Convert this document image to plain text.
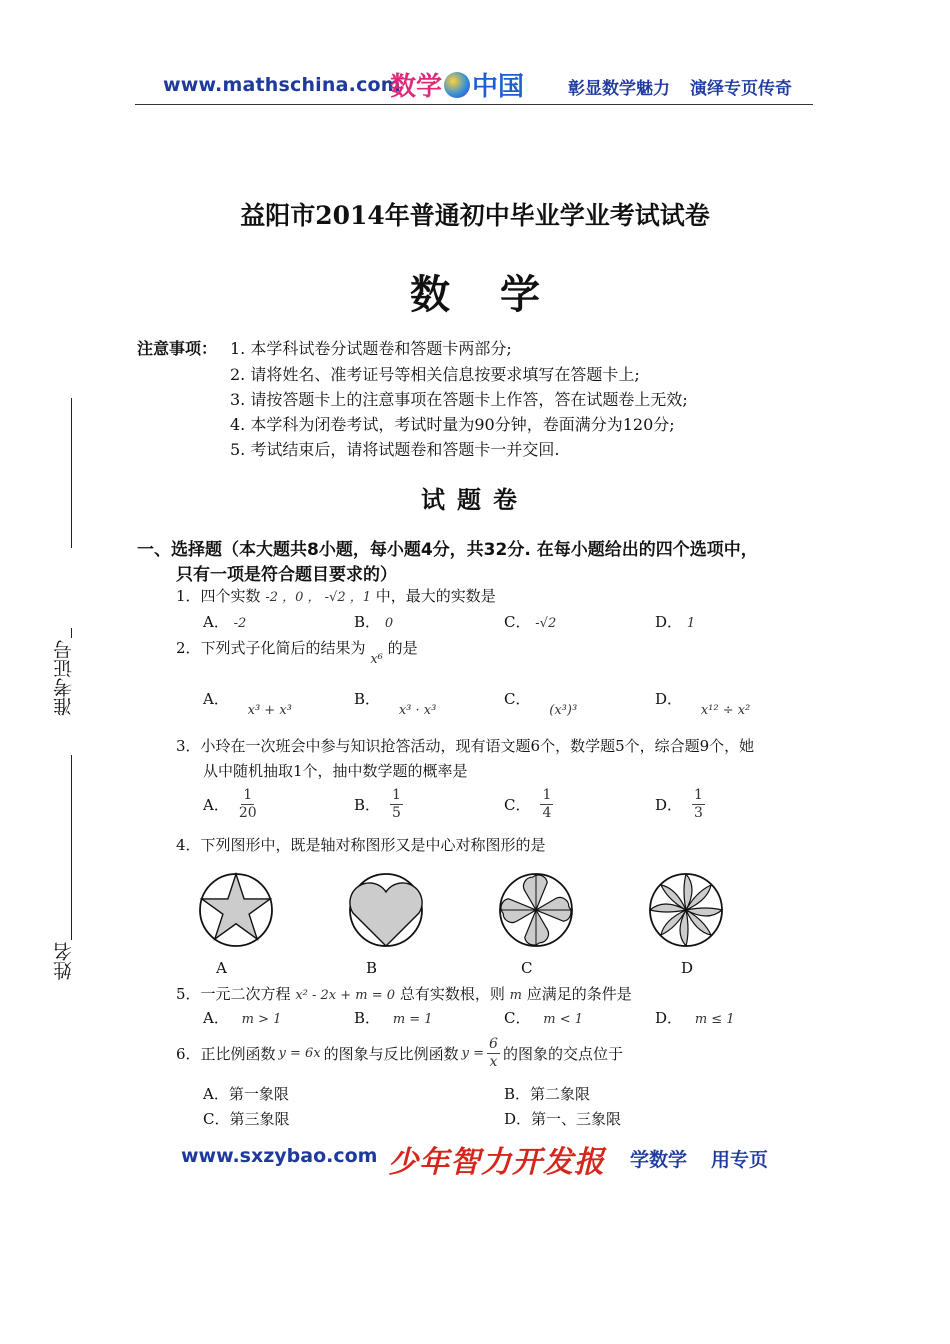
www.mathschina.com
数学 中国	彰显数学魅力 演绎专页传奇
准考证号
姓名
益阳市2014年普通初中毕业学业考试试卷
数学
注意事项： 1. 本学科试卷分试题卷和答题卡两部分;
2. 请将姓名、准考证号等相关信息按要求填写在答题卡上;
3. 请按答题卡上的注意事项在答题卡上作答，答在试题卷上无效;
4. 本学科为闭卷考试，考试时量为90分钟，卷面满分为120分;
5. 考试结束后，请将试题卷和答题卡一并交回.
试题卷
一、选择题（本大题共8小题，每小题4分，共32分. 在每小题给出的四个选项中，
只有一项是符合题目要求的）
1．四个实数 -2 ，0 ， -√2 ，1 中，最大的实数是
A． -2	B． 0	C． -√2	D． 1
2．下列式子化简后的结果为 x⁶ 的是
A． x³ + x³
B． x³ · x³
C． (x³)³
D． x¹² ÷ x²
3．小玲在一次班会中参与知识抢答活动，现有语文题6个，数学题5个，综合题9个，她
从中随机抽取1个，抽中数学题的概率是
A． $\frac{1}{20}$	B． $\frac{1}{5}$	C． $\frac{1}{4}$	D． $\frac{1}{3}$
4．下列图形中，既是轴对称图形又是中心对称图形的是
A	B	C	D
5．一元二次方程 x² - 2x + m = 0 总有实数根，则 m 应满足的条件是
A． m > 1	B． m = 1	C． m < 1	D． m ≤ 1
6．正比例函数 y = 6x 的图象与反比例函数 $y = \frac{6}{x}$ 的图象的交点位于
A．第一象限	B．第二象限
C．第三象限	D．第一、三象限
www.sxzybao.com 少年智力开发报 学数学 用专页
